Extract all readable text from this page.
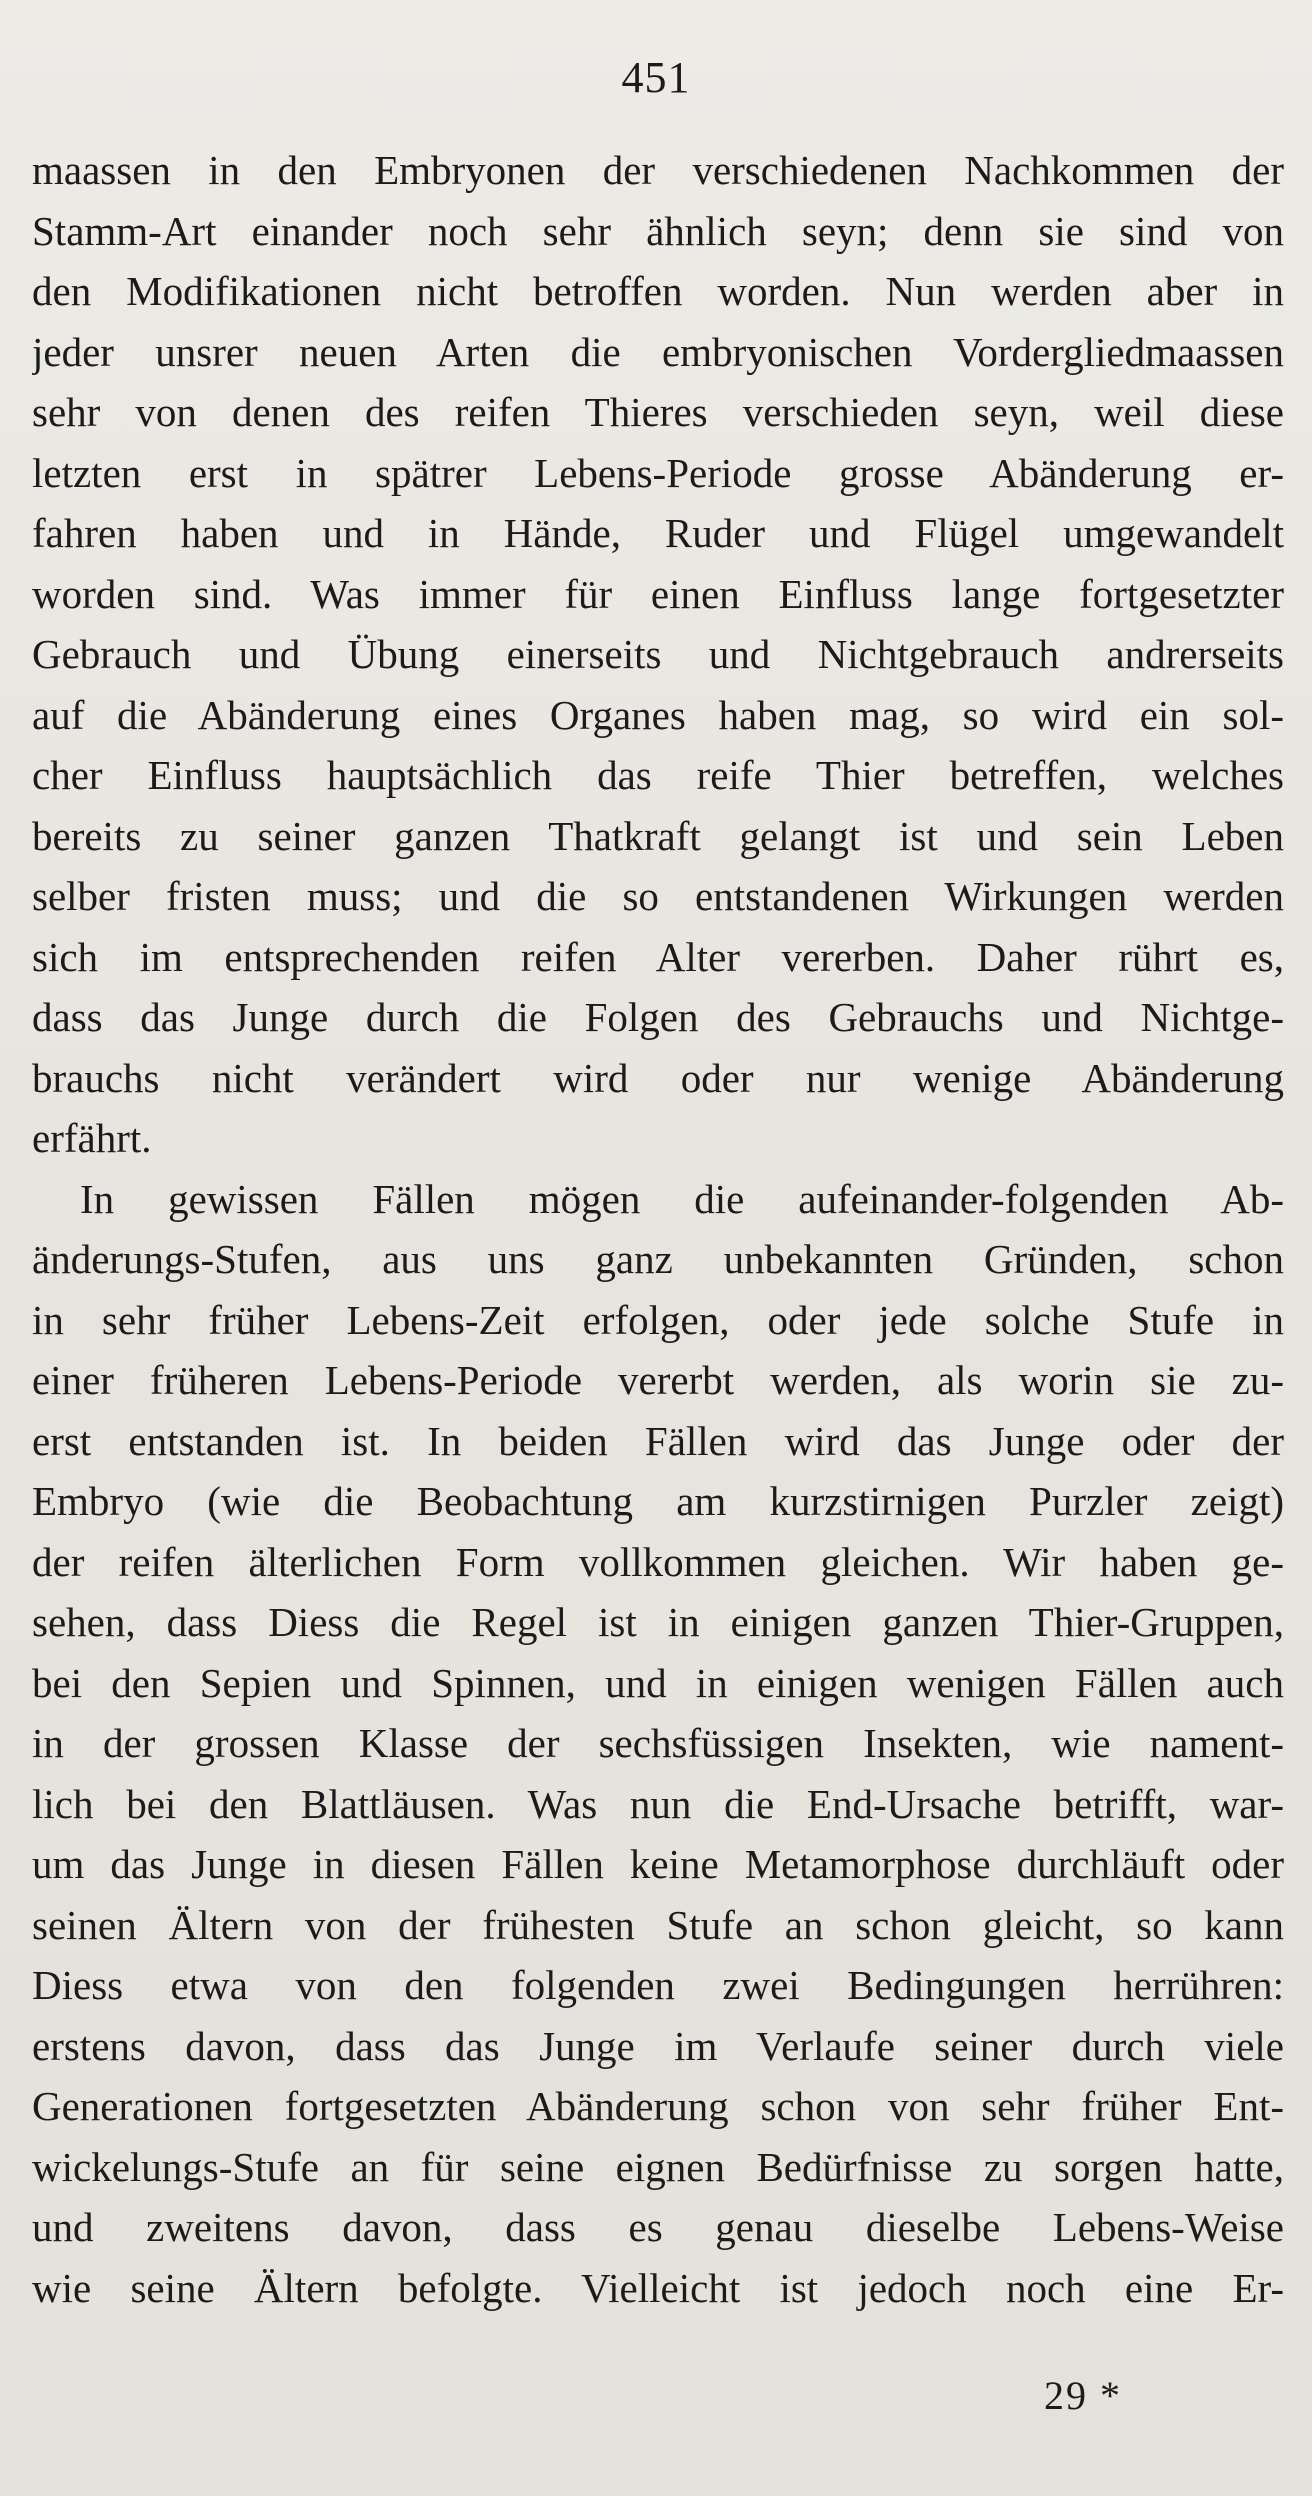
451
maassen in den Embryonen der verschiedenen Nachkommen der
Stamm-Art einander noch sehr ähnlich seyn; denn sie sind von
den Modifikationen nicht betroffen worden. Nun werden aber in
jeder unsrer neuen Arten die embryonischen Vordergliedmaassen
sehr von denen des reifen Thieres verschieden seyn, weil diese
letzten erst in spätrer Lebens-Periode grosse Abänderung er-
fahren haben und in Hände, Ruder und Flügel umgewandelt
worden sind. Was immer für einen Einfluss lange fortgesetzter
Gebrauch und Übung einerseits und Nichtgebrauch andrerseits
auf die Abänderung eines Organes haben mag, so wird ein sol-
cher Einfluss hauptsächlich das reife Thier betreffen, welches
bereits zu seiner ganzen Thatkraft gelangt ist und sein Leben
selber fristen muss; und die so entstandenen Wirkungen werden
sich im entsprechenden reifen Alter vererben. Daher rührt es,
dass das Junge durch die Folgen des Gebrauchs und Nichtge-
brauchs nicht verändert wird oder nur wenige Abänderung
erfährt.
In gewissen Fällen mögen die aufeinander-folgenden Ab-
änderungs-Stufen, aus uns ganz unbekannten Gründen, schon
in sehr früher Lebens-Zeit erfolgen, oder jede solche Stufe in
einer früheren Lebens-Periode vererbt werden, als worin sie zu-
erst entstanden ist. In beiden Fällen wird das Junge oder der
Embryo (wie die Beobachtung am kurzstirnigen Purzler zeigt)
der reifen älterlichen Form vollkommen gleichen. Wir haben ge-
sehen, dass Diess die Regel ist in einigen ganzen Thier-Gruppen,
bei den Sepien und Spinnen, und in einigen wenigen Fällen auch
in der grossen Klasse der sechsfüssigen Insekten, wie nament-
lich bei den Blattläusen. Was nun die End-Ursache betrifft, war-
um das Junge in diesen Fällen keine Metamorphose durchläuft oder
seinen Ältern von der frühesten Stufe an schon gleicht, so kann
Diess etwa von den folgenden zwei Bedingungen herrühren:
erstens davon, dass das Junge im Verlaufe seiner durch viele
Generationen fortgesetzten Abänderung schon von sehr früher Ent-
wickelungs-Stufe an für seine eignen Bedürfnisse zu sorgen hatte,
und zweitens davon, dass es genau dieselbe Lebens-Weise
wie seine Ältern befolgte. Vielleicht ist jedoch noch eine Er-
29 *
